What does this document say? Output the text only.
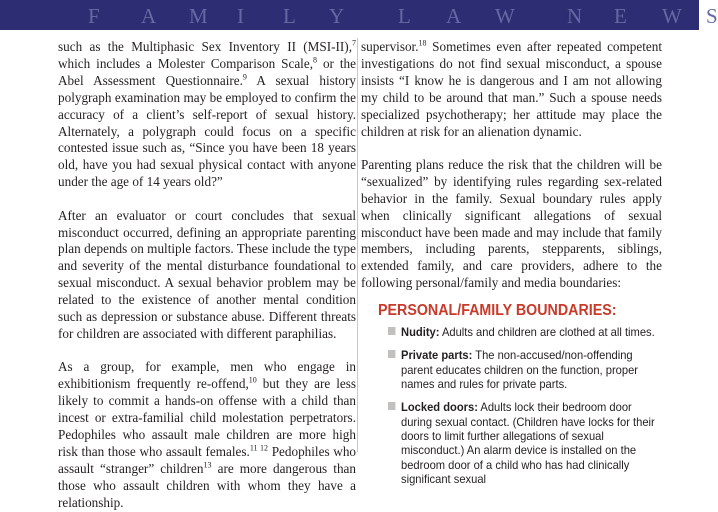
F A M I L Y	L A W N E W S

such as the Multiphasic Sex Inventory II (MSI-II),$^7$ which includes a Molester Comparison Scale,$^8$ or the Abel Assessment Questionnaire.$^9$ A sexual history polygraph examination may be employed to confirm the accuracy of a client’s self-report of sexual history. Alternately, a polygraph could focus on a specific contested issue such as, “Since you have been 18 years old, have you had sexual physical contact with anyone under the age of 14 years old?”

After an evaluator or court concludes that sexual misconduct occurred, defining an appropriate parenting plan depends on multiple factors. These include the type and severity of the mental disturbance foundational to sexual misconduct. A sexual behavior problem may be related to the existence of another mental condition such as depression or substance abuse. Different threats for children are associated with different paraphilias.

As a group, for example, men who engage in exhibitionism frequently re-offend,$^{10}$ but they are less likely to commit a hands-on offense with a child than incest or extra-familial child molestation perpetrators. Pedophiles who assault male children are more high risk than those who assault females.$^{11 12}$ Pedophiles who assault “stranger” children$^{13}$ are more dangerous than those who assault children with whom they have a relationship.

supervisor.$^{18}$ Sometimes even after repeated competent investigations do not find sexual misconduct, a spouse insists “I know he is dangerous and I am not allowing my child to be around that man.” Such a spouse needs specialized psychotherapy; her attitude may place the children at risk for an alienation dynamic.

Parenting plans reduce the risk that the children will be “sexualized” by identifying rules regarding sex-related behavior in the family. Sexual boundary rules apply when clinically significant allegations of sexual misconduct have been made and may include that family members, including parents, stepparents, siblings, extended family, and care providers, adhere to the following personal/family and media boundaries:

PERSONAL/FAMILY BOUNDARIES:
Nudity: Adults and children are clothed at all times.
Private parts: The non-accused/non-offending parent educates children on the function, proper names and rules for private parts.
Locked doors: Adults lock their bedroom door during sexual contact. (Children have locks for their doors to limit further allegations of sexual misconduct.) An alarm device is installed on the bedroom door of a child who has had clinically significant sexual
